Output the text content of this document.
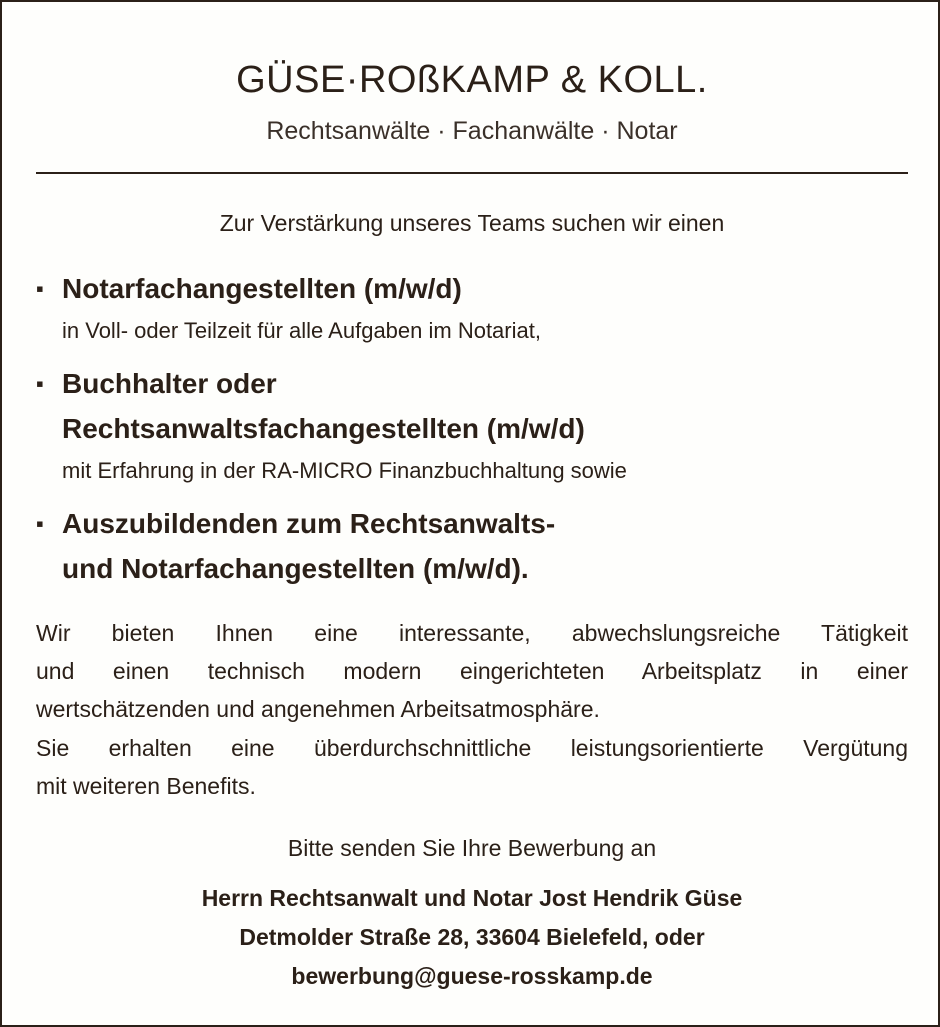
GÜSE·ROßKAMP & KOLL.
Rechtsanwälte · Fachanwälte · Notar
Zur Verstärkung unseres Teams suchen wir einen
▪ Notarfachangestellten (m/w/d)
in Voll- oder Teilzeit für alle Aufgaben im Notariat,
▪ Buchhalter oder
Rechtsanwaltsfachangestellten (m/w/d)
mit Erfahrung in der RA-MICRO Finanzbuchhaltung sowie
▪ Auszubildenden zum Rechtsanwalts-
und Notarfachangestellten (m/w/d).
Wir bieten Ihnen eine interessante, abwechslungsreiche Tätigkeit
und einen technisch modern eingerichteten Arbeitsplatz in einer
wertschätzenden und angenehmen Arbeitsatmosphäre.
Sie erhalten eine überdurchschnittliche leistungsorientierte Vergütung
mit weiteren Benefits.
Bitte senden Sie Ihre Bewerbung an
Herrn Rechtsanwalt und Notar Jost Hendrik Güse
Detmolder Straße 28, 33604 Bielefeld, oder
bewerbung@guese-rosskamp.de
